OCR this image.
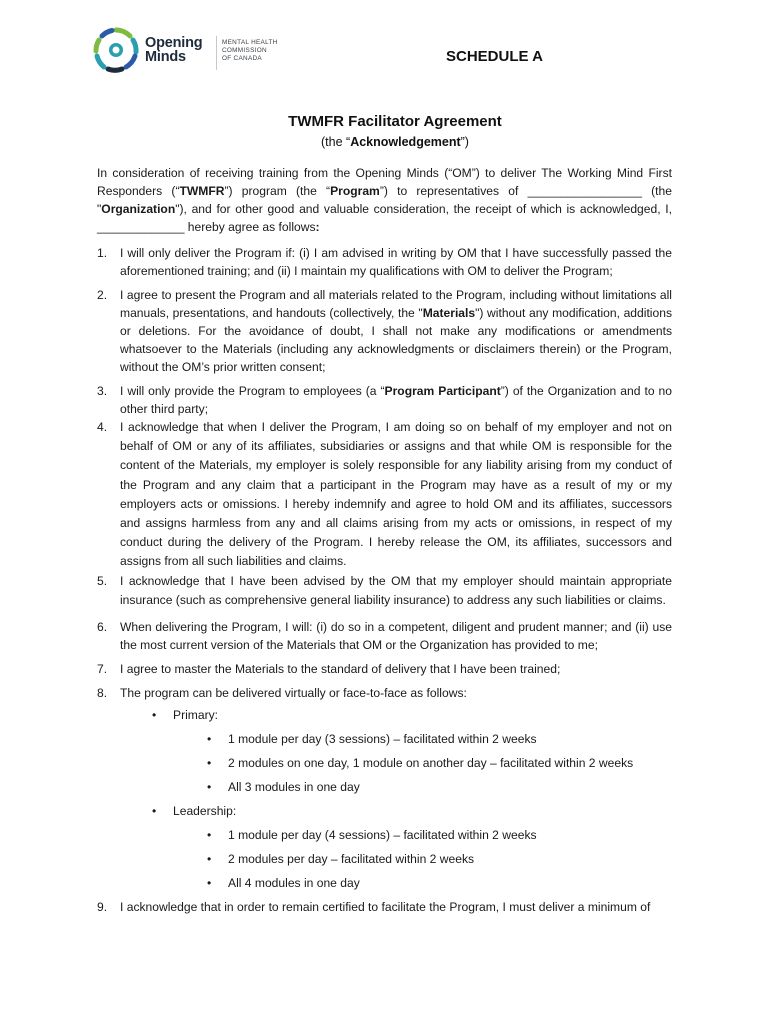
Opening
Minds
MENTAL HEALTH
COMMISSION
OF CANADA	SCHEDULE A
TWMFR Facilitator Agreement
(the “Acknowledgement”)

In consideration of receiving training from the Opening Minds (“OM”) to deliver The Working Mind First Responders (“TWMFR”) program (the “Program”) to representatives of _________________ (the "Organization"), and for other good and valuable consideration, the receipt of which is acknowledged, I, _____________ hereby agree as follows:

1. I will only deliver the Program if: (i) I am advised in writing by OM that I have successfully passed the aforementioned training; and (ii) I maintain my qualifications with OM to deliver the Program;
2. I agree to present the Program and all materials related to the Program, including without limitations all manuals, presentations, and handouts (collectively, the "Materials") without any modification, additions or deletions. For the avoidance of doubt, I shall not make any modifications or amendments whatsoever to the Materials (including any acknowledgments or disclaimers therein) or the Program, without the OM’s prior written consent;
3. I will only provide the Program to employees (a “Program Participant”) of the Organization and to no other third party;
4. I acknowledge that when I deliver the Program, I am doing so on behalf of my employer and not on behalf of OM or any of its affiliates, subsidiaries or assigns and that while OM is responsible for the content of the Materials, my employer is solely responsible for any liability arising from my conduct of the Program and any claim that a participant in the Program may have as a result of my or my employers acts or omissions. I hereby indemnify and agree to hold OM and its affiliates, successors and assigns harmless from any and all claims arising from my acts or omissions, in respect of my conduct during the delivery of the Program. I hereby release the OM, its affiliates, successors and assigns from all such liabilities and claims.
5. I acknowledge that I have been advised by the OM that my employer should maintain appropriate insurance (such as comprehensive general liability insurance) to address any such liabilities or claims.
6. When delivering the Program, I will: (i) do so in a competent, diligent and prudent manner; and (ii) use the most current version of the Materials that OM or the Organization has provided to me;
7. I agree to master the Materials to the standard of delivery that I have been trained;
8. The program can be delivered virtually or face-to-face as follows:
• Primary:
• 1 module per day (3 sessions) – facilitated within 2 weeks
• 2 modules on one day, 1 module on another day – facilitated within 2 weeks
• All 3 modules in one day
• Leadership:
• 1 module per day (4 sessions) – facilitated within 2 weeks
• 2 modules per day – facilitated within 2 weeks
• All 4 modules in one day
9. I acknowledge that in order to remain certified to facilitate the Program, I must deliver a minimum of
